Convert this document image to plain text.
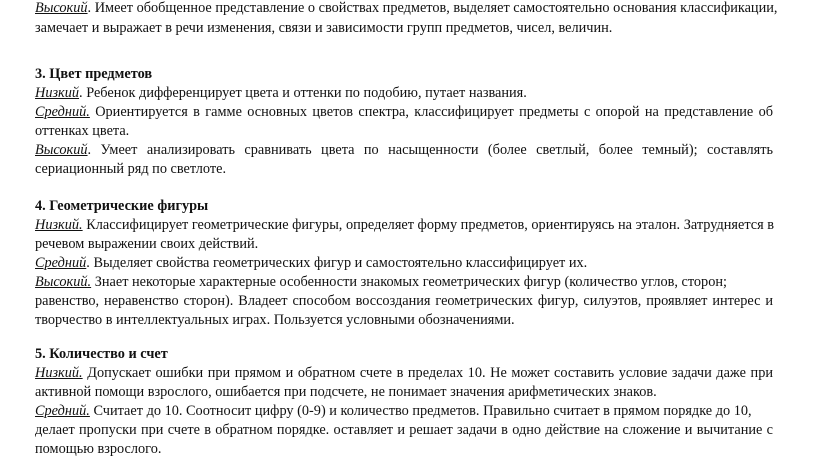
Высокий. Имеет обобщенное представление о свойствах предметов, выделяет самостоятельно основания классификации,
замечает и выражает в речи изменения, связи и зависимости групп предметов, чисел, величин.
3. Цвет предметов
Низкий. Ребенок дифференцирует цвета и оттенки по подобию, путает названия.
Средний. Ориентируется в гамме основных цветов спектра, классифицирует предметы с опорой на представление об
оттенках цвета.
Высокий. Умеет анализировать сравнивать цвета по насыщенности (более светлый, более темный); составлять
сериационный ряд по светлоте.
4. Геометрические фигуры
Низкий. Классифицирует геометрические фигуры, определяет форму предметов, ориентируясь на эталон. Затрудняется в
речевом выражении своих действий.
Средний. Выделяет свойства геометрических фигур и самостоятельно классифицирует их.
Высокий. Знает некоторые характерные особенности знакомых геометрических фигур (количество углов, сторон;
равенство, неравенство сторон). Владеет способом воссоздания геометрических фигур, силуэтов, проявляет интерес и
творчество в интеллектуальных играх. Пользуется условными обозначениями.
5. Количество и счет
Низкий. Допускает ошибки при прямом и обратном счете в пределах 10. Не может составить условие задачи даже при
активной помощи взрослого, ошибается при подсчете, не понимает значения арифметических знаков.
Средний. Считает до 10. Соотносит цифру (0-9) и количество предметов. Правильно считает в прямом порядке до 10,
делает пропуски при счете в обратном порядке. оставляет и решает задачи в одно действие на сложение и вычитание с
помощью взрослого.
